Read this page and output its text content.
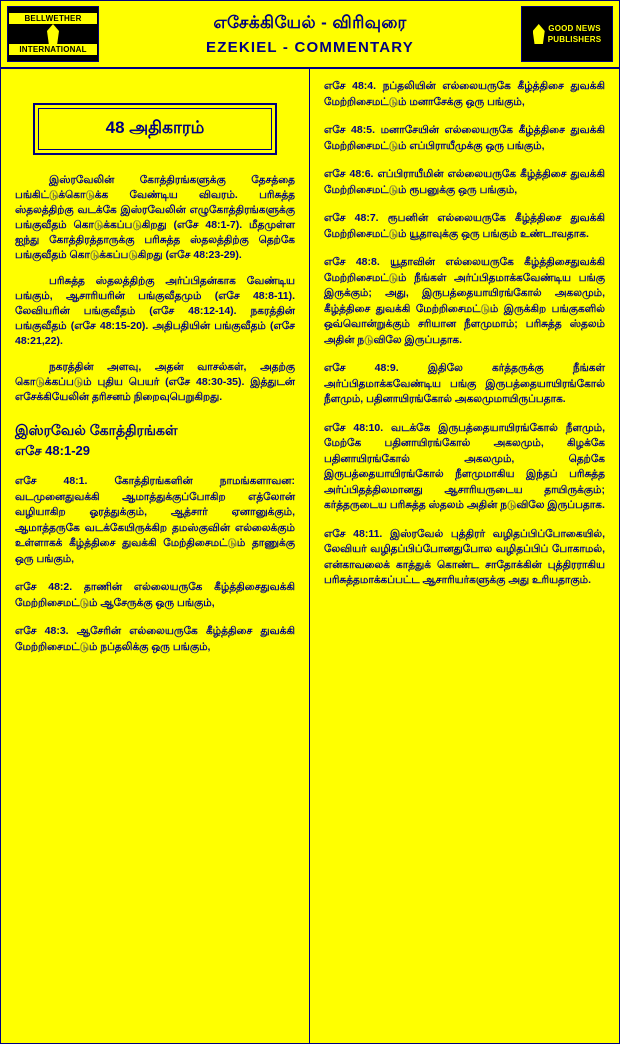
BELLWETHER
INTERNATIONAL
எசேக்கியேல் - விரிவுரை
EZEKIEL - COMMENTARY
GOOD NEWS
PUBLISHERS
48 அதிகாரம்

இஸ்ரவேலின் கோத்திரங்களுக்கு தேசத்தை பங்கிட்டுக்கொடுக்க வேண்டிய விவரம். பரிசுத்த ஸ்தலத்திற்கு வடக்கே இஸ்ரவேலின் எழுகோத்திரங்களுக்கு பங்குவீதம் கொடுக்கப்படுகிறது (எசே 48:1-7). மீதமுள்ள ஐந்து கோத்திரத்தாருக்கு பரிசுத்த ஸ்தலத்திற்கு தெற்கே பங்குவீதம் கொடுக்கப்படுகிறது (எசே 48:23-29).

பரிசுத்த ஸ்தலத்திற்கு அர்ப்பிதன்காக வேண்டிய பங்கும், ஆசாரியரின் பங்குவீதமும் (எசே 48:8-11). லேவியரின் பங்குவீதம் (எசே 48:12-14). நகரத்தின் பங்குவீதம் (எசே 48:15-20). அதிபதியின் பங்குவீதம் (எசே 48:21,22).

நகரத்தின் அளவு, அதன் வாசல்கள், அதற்கு கொடுக்கப்படும் புதிய பெயர் (எசே 48:30-35). இத்துடன் எசேக்கியேலின் தரிசனம் நிறைவுபெறுகிறது.

இஸ்ரவேல் கோத்திரங்கள்
எசே 48:1-29

எசே 48:1. கோத்திரங்களின் நாமங்களாவன: வடமுனைதுவக்கி ஆமாத்துக்குப்போகிற எத்லோன் வழியாகிற ஓரத்துக்கும், ஆத்சார் ஏனானுக்கும், ஆமாத்தருகே வடக்கேயிருக்கிற தமஸ்குவின் எல்லைக்கும் உள்ளாகக் கீழ்த்திசை துவக்கி மேற்திசைமட்டும் தாணுக்கு ஒரு பங்கும்,

எசே 48:2. தாணின் எல்லையருகே கீழ்த்திசைதுவக்கி மேற்றிசைமட்டும் ஆசேருக்கு ஒரு பங்கும்,

எசே 48:3. ஆசேரின் எல்லையருகே கீழ்த்திசை துவக்கி மேற்றிசைமட்டும் நப்தலிக்கு ஒரு பங்கும்,

எசே 48:4. நப்தலியின் எல்லையருகே கீழ்த்திசை துவக்கி மேற்றிசைமட்டும் மனாசேக்கு ஒரு பங்கும்,

எசே 48:5. மனாசேயின் எல்லையருகே கீழ்த்திசை துவக்கி மேற்றிசைமட்டும் எப்பிராயீமுக்கு ஒரு பங்கும்,

எசே 48:6. எப்பிராயீமின் எல்லையருகே கீழ்த்திசை துவக்கி மேற்றிசைமட்டும் ரூபனுக்கு ஒரு பங்கும்,

எசே 48:7. ரூபனின் எல்லையருகே கீழ்த்திசை துவக்கி மேற்றிசைமட்டும் யூதாவுக்கு ஒரு பங்கும் உண்டாவதாக.

எசே 48:8. யூதாவின் எல்லையருகே கீழ்த்திசைதுவக்கி மேற்றிசைமட்டும் நீங்கள் அர்ப்பிதமாக்கவேண்டிய பங்கு இருக்கும்; அது, இருபத்தையாயிரங்கோல் அகலமும், கீழ்த்திசை துவக்கி மேற்றிசைமட்டும் இருக்கிற பங்குகளில் ஒவ்வொன்றுக்கும் சரியான நீளமுமாம்; பரிசுத்த ஸ்தலம் அதின் நடுவிலே இருப்பதாக.

எசே 48:9. இதிலே கர்த்தருக்கு நீங்கள் அர்ப்பிதமாக்கவேண்டிய பங்கு இருபத்தையாயிரங்கோல் நீளமும், பதினாயிரங்கோல் அகலமுமாயிருப்பதாக.

எசே 48:10. வடக்கே இருபத்தையாயிரங்கோல் நீளமும், மேற்கே பதினாயிரங்கோல் அகலமும், கிழக்கே பதினாயிரங்கோல் அகலமும், தெற்கே இருபத்தையாயிரங்கோல் நீளமுமாகிய இந்தப் பரிசுத்த அர்ப்பிதத்திலமானது ஆசாரியருடைய தாயிருக்கும்; கர்த்தருடைய பரிசுத்த ஸ்தலம் அதின் நடுவிலே இருப்பதாக.

எசே 48:11. இஸ்ரவேல் புத்திரர் வழிதப்பிப்போகையில், லேவியர் வழிதப்பிப்போனதுபோல வழிதப்பிப் போகாமல், என்காவலைக் காத்துக் கொண்ட சாதோக்கின் புத்திரராகிய பரிசுத்தமாக்கப்பட்ட ஆசாரியர்களுக்கு அது உரியதாகும்.
